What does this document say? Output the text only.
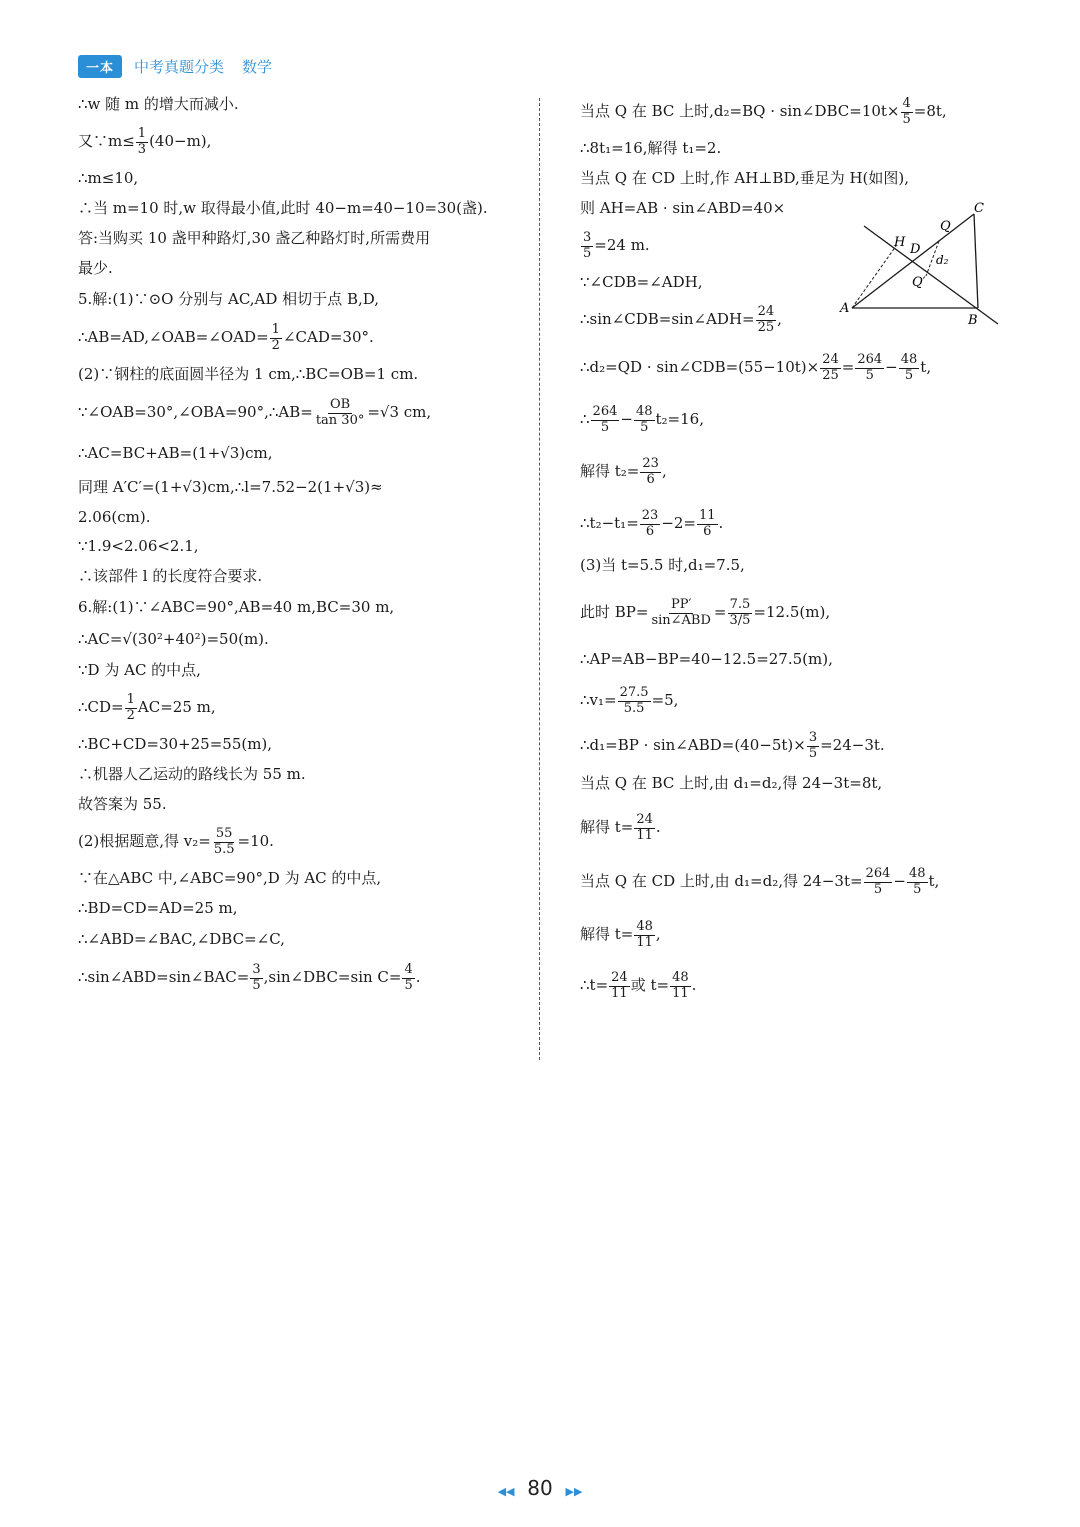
一本	中考真题分类 数学
∴w 随 m 的增大而减小.
又∵m≤ $\frac{1}{3} (40-m)$,
∴m≤10,
∴当 m=10 时,w 取得最小值,此时 40−m=40−10=30(盏).
答:当购买 10 盏甲种路灯,30 盏乙种路灯时,所需费用
最少.
5.解:(1)∵⊙O 分别与 AC,AD 相切于点 B,D,
∴AB=AD,∠OAB=∠OAD= $\frac{1}{2}$ ∠CAD=30°.
(2)∵钢柱的底面圆半径为 1 cm,∴BC=OB=1 cm.
∵∠OAB=30°,∠OBA=90°,∴AB= $\frac{OB}{\tan 30^\circ} =√3$ cm,
∴AC=BC+AB=(1+√3)cm,
同理 A′C′=(1+√3)cm,∴l=7.52−2(1+√3)≈
2.06(cm).
∵1.9<2.06<2.1,
∴该部件 l 的长度符合要求.
6.解:(1)∵∠ABC=90°,AB=40 m,BC=30 m,
∴AC=√(30²+40²)=50(m).
∵D 为 AC 的中点,
∴CD= $\frac{1}{2} AC=25$ m,
∴BC+CD=30+25=55(m),
∴机器人乙运动的路线长为 55 m.
故答案为 55.
(2)根据题意,得 $v_2= \frac{55}{5.5} =10$.
∵在△ABC 中,∠ABC=90°,D 为 AC 的中点,
∴BD=CD=AD=25 m,
∴∠ABD=∠BAC,∠DBC=∠C,
∴sin∠ABD=sin∠BAC= $\frac{3}{5}$ ,sin∠DBC=sin $C= \frac{4}{5}$ .
当点 Q 在 BC 上时,d₂=BQ · sin∠DBC=10t× $\frac{4}{5} =8t$,
∴8t₁=16,解得 t₁=2.
当点 Q 在 CD 上时,作 AH⊥BD,垂足为 H(如图),
则 AH=AB · sin∠ABD=40×
$\frac{3}{5} =24$ m.
∵∠CDB=∠ADH,
∴sin∠CDB=sin∠ADH= $\frac{24}{25}$ ,
∴d₂=QD · sin∠CDB=(55−10t)× $\frac{24}{25} = \frac{264}{5} - \frac{48}{5} t$,
∴ $\frac{264}{5} - \frac{48}{5} t_2=16$,
解得 $t_2= \frac{23}{6}$ ,
∴t₂−t₁= $\frac{23}{6} -2= \frac{11}{6}$ .
(3)当 t=5.5 时,d₁=7.5,
此时 $BP= \frac{PP'}{\text{sin∠ABD}} = \frac{7.5}{3/5} =12.5(m)$,
∴AP=AB−BP=40−12.5=27.5(m),
∴v₁= $\frac{27.5}{5.5} =5$,
∴d₁=BP · sin∠ABD=(40−5t)× $\frac{3}{5} =24-3t$.
当点 Q 在 BC 上时,由 d₁=d₂,得 24−3t=8t,
解得 $t= \frac{24}{11}$ .
当点 Q 在 CD 上时,由 d₁=d₂,得 $24-3t= \frac{264}{5} - \frac{48}{5} t$,
解得 $t= \frac{48}{11}$ ,
∴t= $\frac{24}{11}$ 或 $t= \frac{48}{11}$ .
A
B
C
D
H
Q
Q′
d₂
◀◀ 80 ▶▶
